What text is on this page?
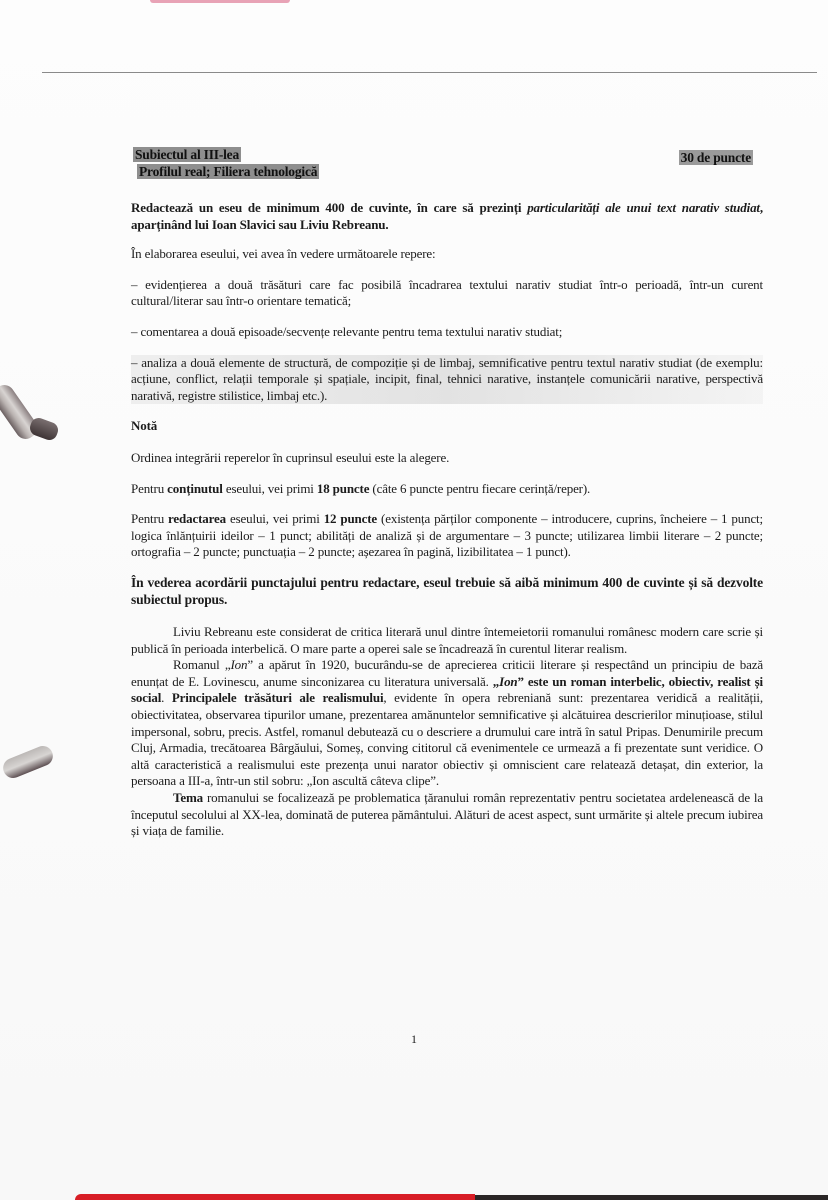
Subiectul al III-lea
Profilul real; Filiera tehnologică
30 de puncte

Redactează un eseu de minimum 400 de cuvinte, în care să prezinți particularități ale unui text narativ studiat, aparținând lui Ioan Slavici sau Liviu Rebreanu.

În elaborarea eseului, vei avea în vedere următoarele repere:

– evidențierea a două trăsături care fac posibilă încadrarea textului narativ studiat într-o perioadă, într-un curent cultural/literar sau într-o orientare tematică;

– comentarea a două episoade/secvențe relevante pentru tema textului narativ studiat;

– analiza a două elemente de structură, de compoziție și de limbaj, semnificative pentru textul narativ studiat (de exemplu: acțiune, conflict, relații temporale și spațiale, incipit, final, tehnici narative, instanțele comunicării narative, perspectivă narativă, registre stilistice, limbaj etc.).

Notă

Ordinea integrării reperelor în cuprinsul eseului este la alegere.

Pentru conținutul eseului, vei primi 18 puncte (câte 6 puncte pentru fiecare cerință/reper).

Pentru redactarea eseului, vei primi 12 puncte (existența părților componente – introducere, cuprins, încheiere – 1 punct; logica înlănțuirii ideilor – 1 punct; abilități de analiză și de argumentare – 3 puncte; utilizarea limbii literare – 2 puncte; ortografia – 2 puncte; punctuația – 2 puncte; așezarea în pagină, lizibilitatea – 1 punct).

În vederea acordării punctajului pentru redactare, eseul trebuie să aibă minimum 400 de cuvinte și să dezvolte subiectul propus.

Liviu Rebreanu este considerat de critica literară unul dintre întemeietorii romanului românesc modern care scrie și publică în perioada interbelică. O mare parte a operei sale se încadrează în curentul literar realism.

Romanul „Ion” a apărut în 1920, bucurându-se de aprecierea criticii literare și respectând un principiu de bază enunțat de E. Lovinescu, anume sinconizarea cu literatura universală. „Ion” este un roman interbelic, obiectiv, realist și social. Principalele trăsături ale realismului, evidente în opera rebreniană sunt: prezentarea veridică a realității, obiectivitatea, observarea tipurilor umane, prezentarea amănuntelor semnificative și alcătuirea descrierilor minuțioase, stilul impersonal, sobru, precis. Astfel, romanul debutează cu o descriere a drumului care intră în satul Pripas. Denumirile precum Cluj, Armadia, trecătoarea Bârgăului, Someș, conving cititorul că evenimentele ce urmează a fi prezentate sunt veridice. O altă caracteristică a realismului este prezența unui narator obiectiv și omniscient care relatează detașat, din exterior, la persoana a III-a, într-un stil sobru: „Ion ascultă câteva clipe”.

Tema romanului se focalizează pe problematica țăranului român reprezentativ pentru societatea ardelenească de la începutul secolului al XX-lea, dominată de puterea pământului. Alături de acest aspect, sunt urmărite și altele precum iubirea și viața de familie.

1
